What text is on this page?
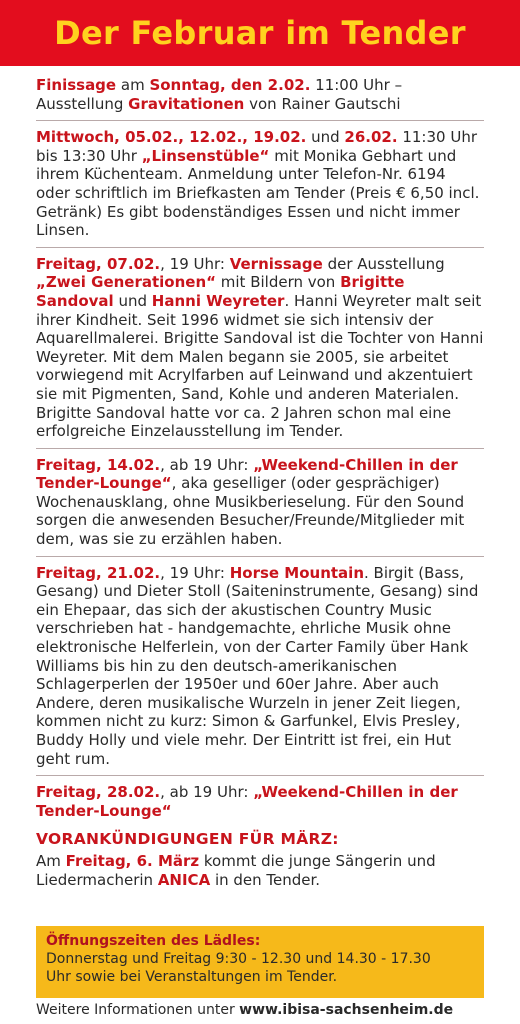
Der Februar im Tender
Finissage am Sonntag, den 2.02. 11:00 Uhr – Ausstellung Gravitationen von Rainer Gautschi
Mittwoch, 05.02., 12.02., 19.02. und 26.02. 11:30 Uhr bis 13:30 Uhr „Linsenstüble“ mit Monika Gebhart und ihrem Küchenteam. Anmeldung unter Telefon-Nr. 6194 oder schriftlich im Briefkasten am Tender (Preis € 6,50 incl. Getränk) Es gibt bodenständiges Essen und nicht immer Linsen.
Freitag, 07.02., 19 Uhr: Vernissage der Ausstellung „Zwei Generationen“ mit Bildern von Brigitte Sandoval und Hanni Weyreter. Hanni Weyreter malt seit ihrer Kindheit. Seit 1996 widmet sie sich intensiv der Aquarellmalerei. Brigitte Sandoval ist die Tochter von Hanni Weyreter. Mit dem Malen begann sie 2005, sie arbeitet vorwiegend mit Acrylfarben auf Leinwand und akzentuiert sie mit Pigmenten, Sand, Kohle und anderen Materialen. Brigitte Sandoval hatte vor ca. 2 Jahren schon mal eine erfolgreiche Einzelausstellung im Tender.
Freitag, 14.02., ab 19 Uhr: „Weekend-Chillen in der Tender-Lounge“, aka geselliger (oder gesprächiger) Wochenausklang, ohne Musikberieselung. Für den Sound sorgen die anwesenden Besucher/Freunde/Mitglieder mit dem, was sie zu erzählen haben.
Freitag, 21.02., 19 Uhr: Horse Mountain. Birgit (Bass, Gesang) und Dieter Stoll (Saiteninstrumente, Gesang) sind ein Ehepaar, das sich der akustischen Country Music verschrieben hat - handgemachte, ehrliche Musik ohne elektronische Helferlein, von der Carter Family über Hank Williams bis hin zu den deutsch-amerikanischen Schlagerperlen der 1950er und 60er Jahre. Aber auch Andere, deren musikalische Wurzeln in jener Zeit liegen, kommen nicht zu kurz: Simon & Garfunkel, Elvis Presley, Buddy Holly und viele mehr. Der Eintritt ist frei, ein Hut geht rum.
Freitag, 28.02., ab 19 Uhr: „Weekend-Chillen in der Tender-Lounge“
VORANKÜNDIGUNGEN FÜR MÄRZ:
Am Freitag, 6. März kommt die junge Sängerin und Liedermacherin ANICA in den Tender.
Öffnungszeiten des Lädles:
Donnerstag und Freitag 9:30 - 12.30 und 14.30 - 17.30
Uhr sowie bei Veranstaltungen im Tender.
Weitere Informationen unter www.ibisa-sachsenheim.de
